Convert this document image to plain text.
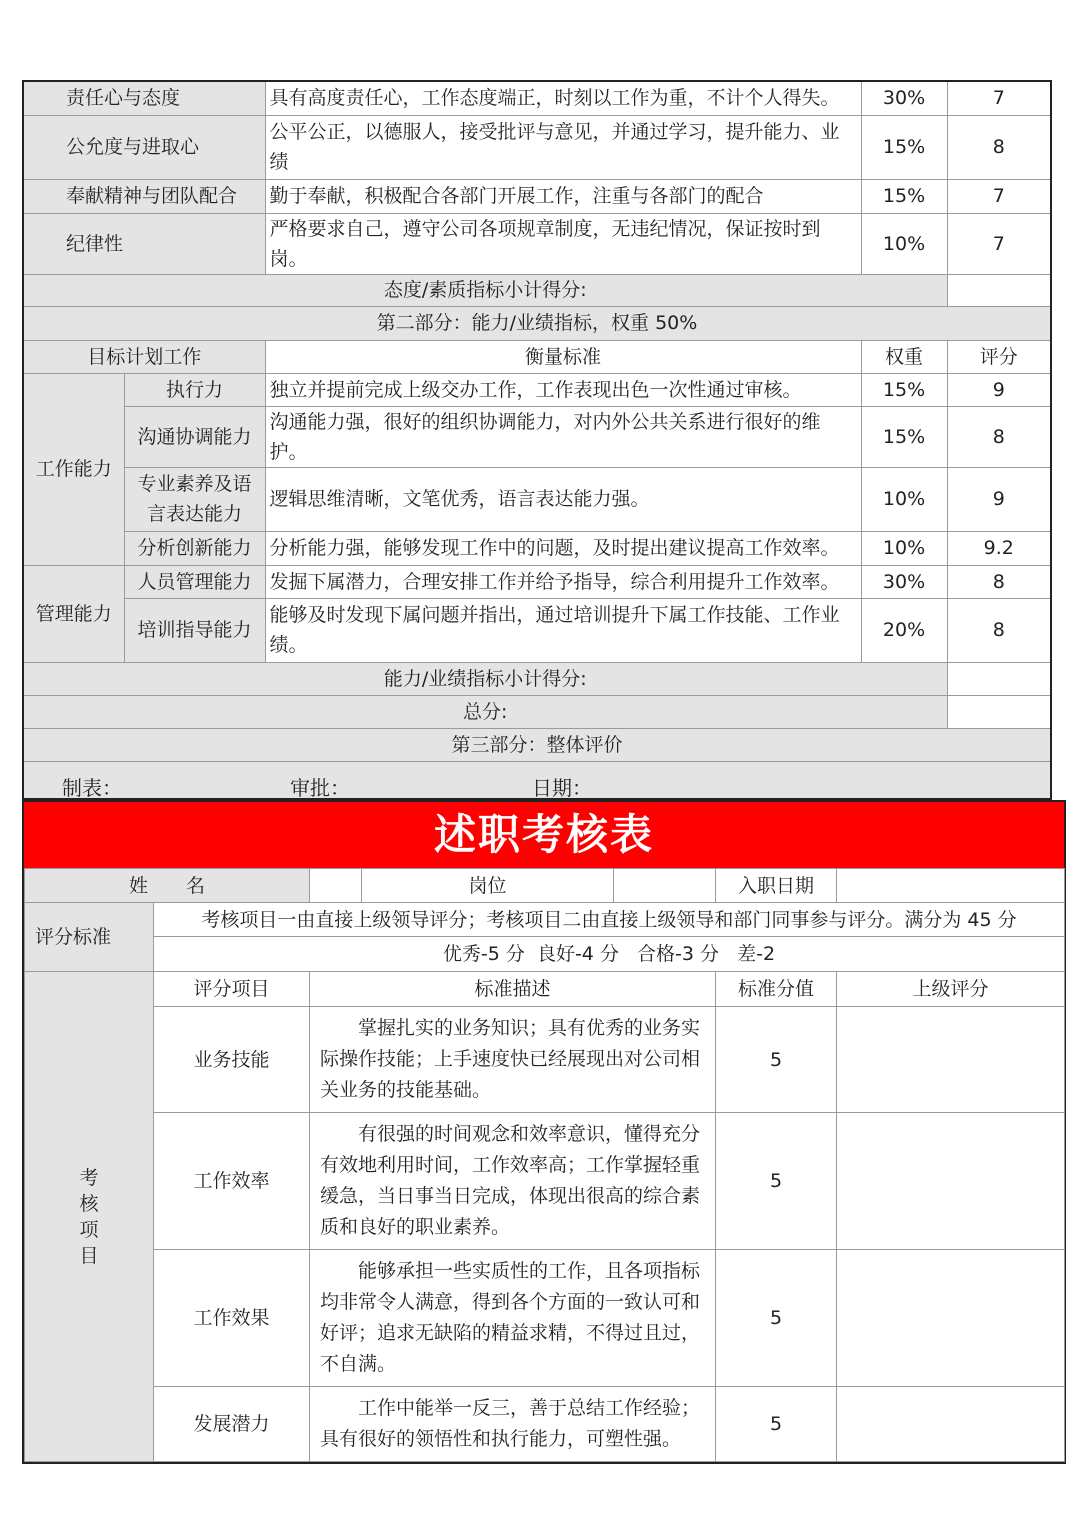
责任心与态度		具有高度责任心，工作态度端正，时刻以工作为重，不计个人得失。	30%	7
公允度与进取心		公平公正，以德服人，接受批评与意见，并通过学习，提升能力、业绩	15%	8
奉献精神与团队配合		勤于奉献，积极配合各部门开展工作，注重与各部门的配合	15%	7
纪律性		严格要求自己，遵守公司各项规章制度，无违纪情况，保证按时到岗。	10%	7
态度/素质指标小计得分:				
第二部分：能力/业绩指标，权重 50%				
目标计划工作		衡量标准	权重	评分
工作能力	执行力	独立并提前完成上级交办工作，工作表现出色一次性通过审核。	15%	9
	沟通协调能力	沟通能力强，很好的组织协调能力，对内外公共关系进行很好的维护。	15%	8
	专业素养及语言表达能力	逻辑思维清晰，文笔优秀，语言表达能力强。	10%	9
	分析创新能力	分析能力强，能够发现工作中的问题，及时提出建议提高工作效率。	10%	9.2
管理能力	人员管理能力	发掘下属潜力，合理安排工作并给予指导，综合利用提升工作效率。	30%	8
	培训指导能力	能够及时发现下属问题并指出，通过培训提升下属工作技能、工作业绩。	20%	8
能力/业绩指标小计得分:				
总分:				
第三部分：整体评价				

制表：	审批：	日期：
述职考核表
姓　　名			岗位		入职日期	
评分标准	考核项目一由直接上级领导评分；考核项目二由直接上级领导和部门同事参与评分。满分为 45 分					
	优秀-5 分  良好-4 分   合格-3 分   差-2					
考
核
项
目	评分项目	标准描述			标准分值	上级评分
	业务技能	掌握扎实的业务知识；具有优秀的业务实际操作技能；上手速度快已经展现出对公司相关业务的技能基础。			5	
	工作效率	有很强的时间观念和效率意识，懂得充分有效地利用时间，工作效率高；工作掌握轻重缓急，当日事当日完成，体现出很高的综合素质和良好的职业素养。			5	
	工作效果	能够承担一些实质性的工作，且各项指标均非常令人满意，得到各个方面的一致认可和好评；追求无缺陷的精益求精，不得过且过，不自满。			5	
	发展潜力	工作中能举一反三，善于总结工作经验；具有很好的领悟性和执行能力，可塑性强。			5	
